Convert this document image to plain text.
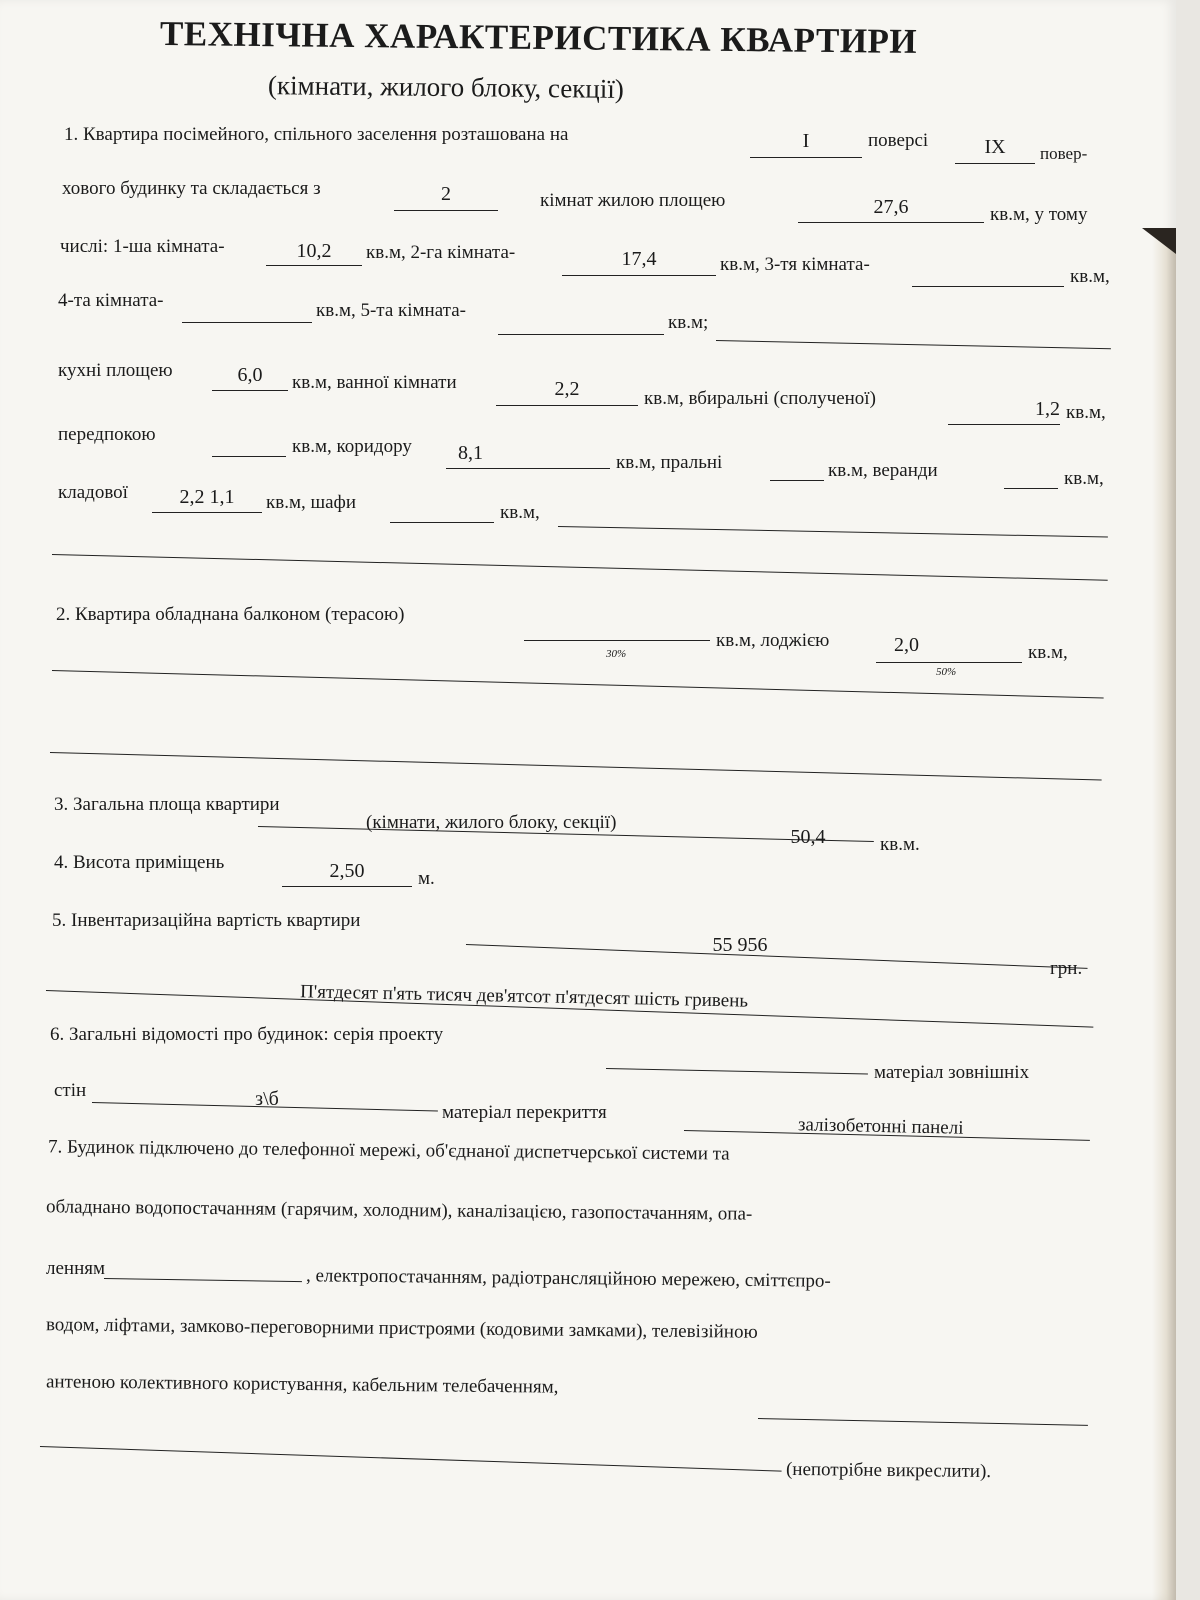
ТЕХНІЧНА ХАРАКТЕРИСТИКА КВАРТИРИ
(кімнати, жилого блоку, секції)
1. Квартира посімейного, спільного заселення розташована на	I	поверсі	IX	повер-
хового будинку та складається з	2	кімнат жилою площею	27,6	кв.м, у тому
числі: 1-ша кімната-	10,2	кв.м, 2-га кімната-	17,4	кв.м, 3-тя кімната-
кв.м,
4-та кімната-	кв.м, 5-та кімната-
кв.м;
кухні площею	6,0	кв.м, ванної кімнати	2,2	кв.м, вбиральні (сполученої)	1,2 кв.м,
передпокою
кв.м, коридору	8,1	кв.м, пральні	кв.м, веранди	кв.м,
кладової	2,2 1,1	кв.м, шафи	кв.м,
2. Квартира обладнана балконом (терасою)
30%
кв.м, лоджією	2,0
50%
кв.м,
3. Загальна площа квартири
(кімнати, жилого блоку, секції)
50,4	кв.м.
4. Висота приміщень	2,50	м.
5. Інвентаризаційна вартість квартири
55 956
грн.
П'ятдесят п'ять тисяч дев'ятсот п'ятдесят шість гривень
6. Загальні відомості про будинок: серія проекту
матеріал зовнішніх
стін	з\б
матеріал перекриття
залізобетонні панелі
7. Будинок підключено до телефонної мережі, об'єднаної диспетчерської системи та
обладнано водопостачанням (гарячим, холодним), каналізацією, газопостачанням, опа-
ленням	, електропостачанням, радіотрансляційною мережею, сміттєпро-
водом, ліфтами, замково-переговорними пристроями (кодовими замками), телевізійною
антеною колективного користування, кабельним телебаченням,
(непотрібне викреслити).
